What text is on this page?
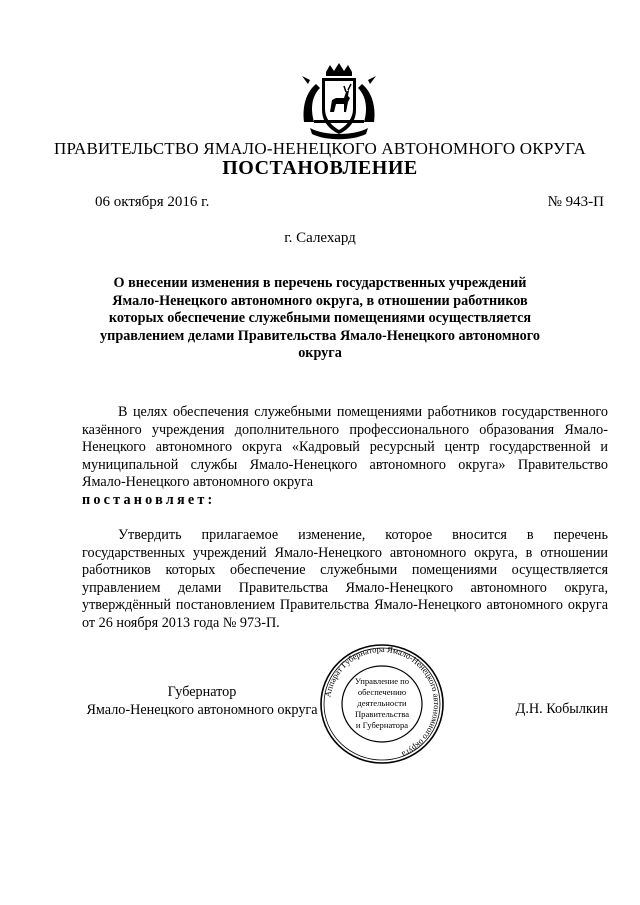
ПРАВИТЕЛЬСТВО ЯМАЛО-НЕНЕЦКОГО АВТОНОМНОГО ОКРУГА
ПОСТАНОВЛЕНИЕ
06 октября 2016 г.	№ 943-П
г. Салехард
О внесении изменения в перечень государственных учреждений Ямало-Ненецкого автономного округа, в отношении работников которых обеспечение служебными помещениями осуществляется управлением делами Правительства Ямало-Ненецкого автономного округа
В целях обеспечения служебными помещениями работников государственного казённого учреждения дополнительного профессионального образования Ямало-Ненецкого автономного округа «Кадровый ресурсный центр государственной и муниципальной службы Ямало-Ненецкого автономного округа» Правительство Ямало-Ненецкого автономного округа
постановляет:
Утвердить прилагаемое изменение, которое вносится в перечень государственных учреждений Ямало-Ненецкого автономного округа, в отношении работников которых обеспечение служебными помещениями осуществляется управлением делами Правительства Ямало-Ненецкого автономного округа, утверждённый постановлением Правительства Ямало-Ненецкого автономного округа от 26 ноября 2013 года № 973-П.
Губернатор
Ямало-Ненецкого автономного округа	Д.Н. Кобылкин
Аппарат Губернатора Ямало-Ненецкого автономного округа
Управление по
обеспечению
деятельности
Правительства
и Губернатора
